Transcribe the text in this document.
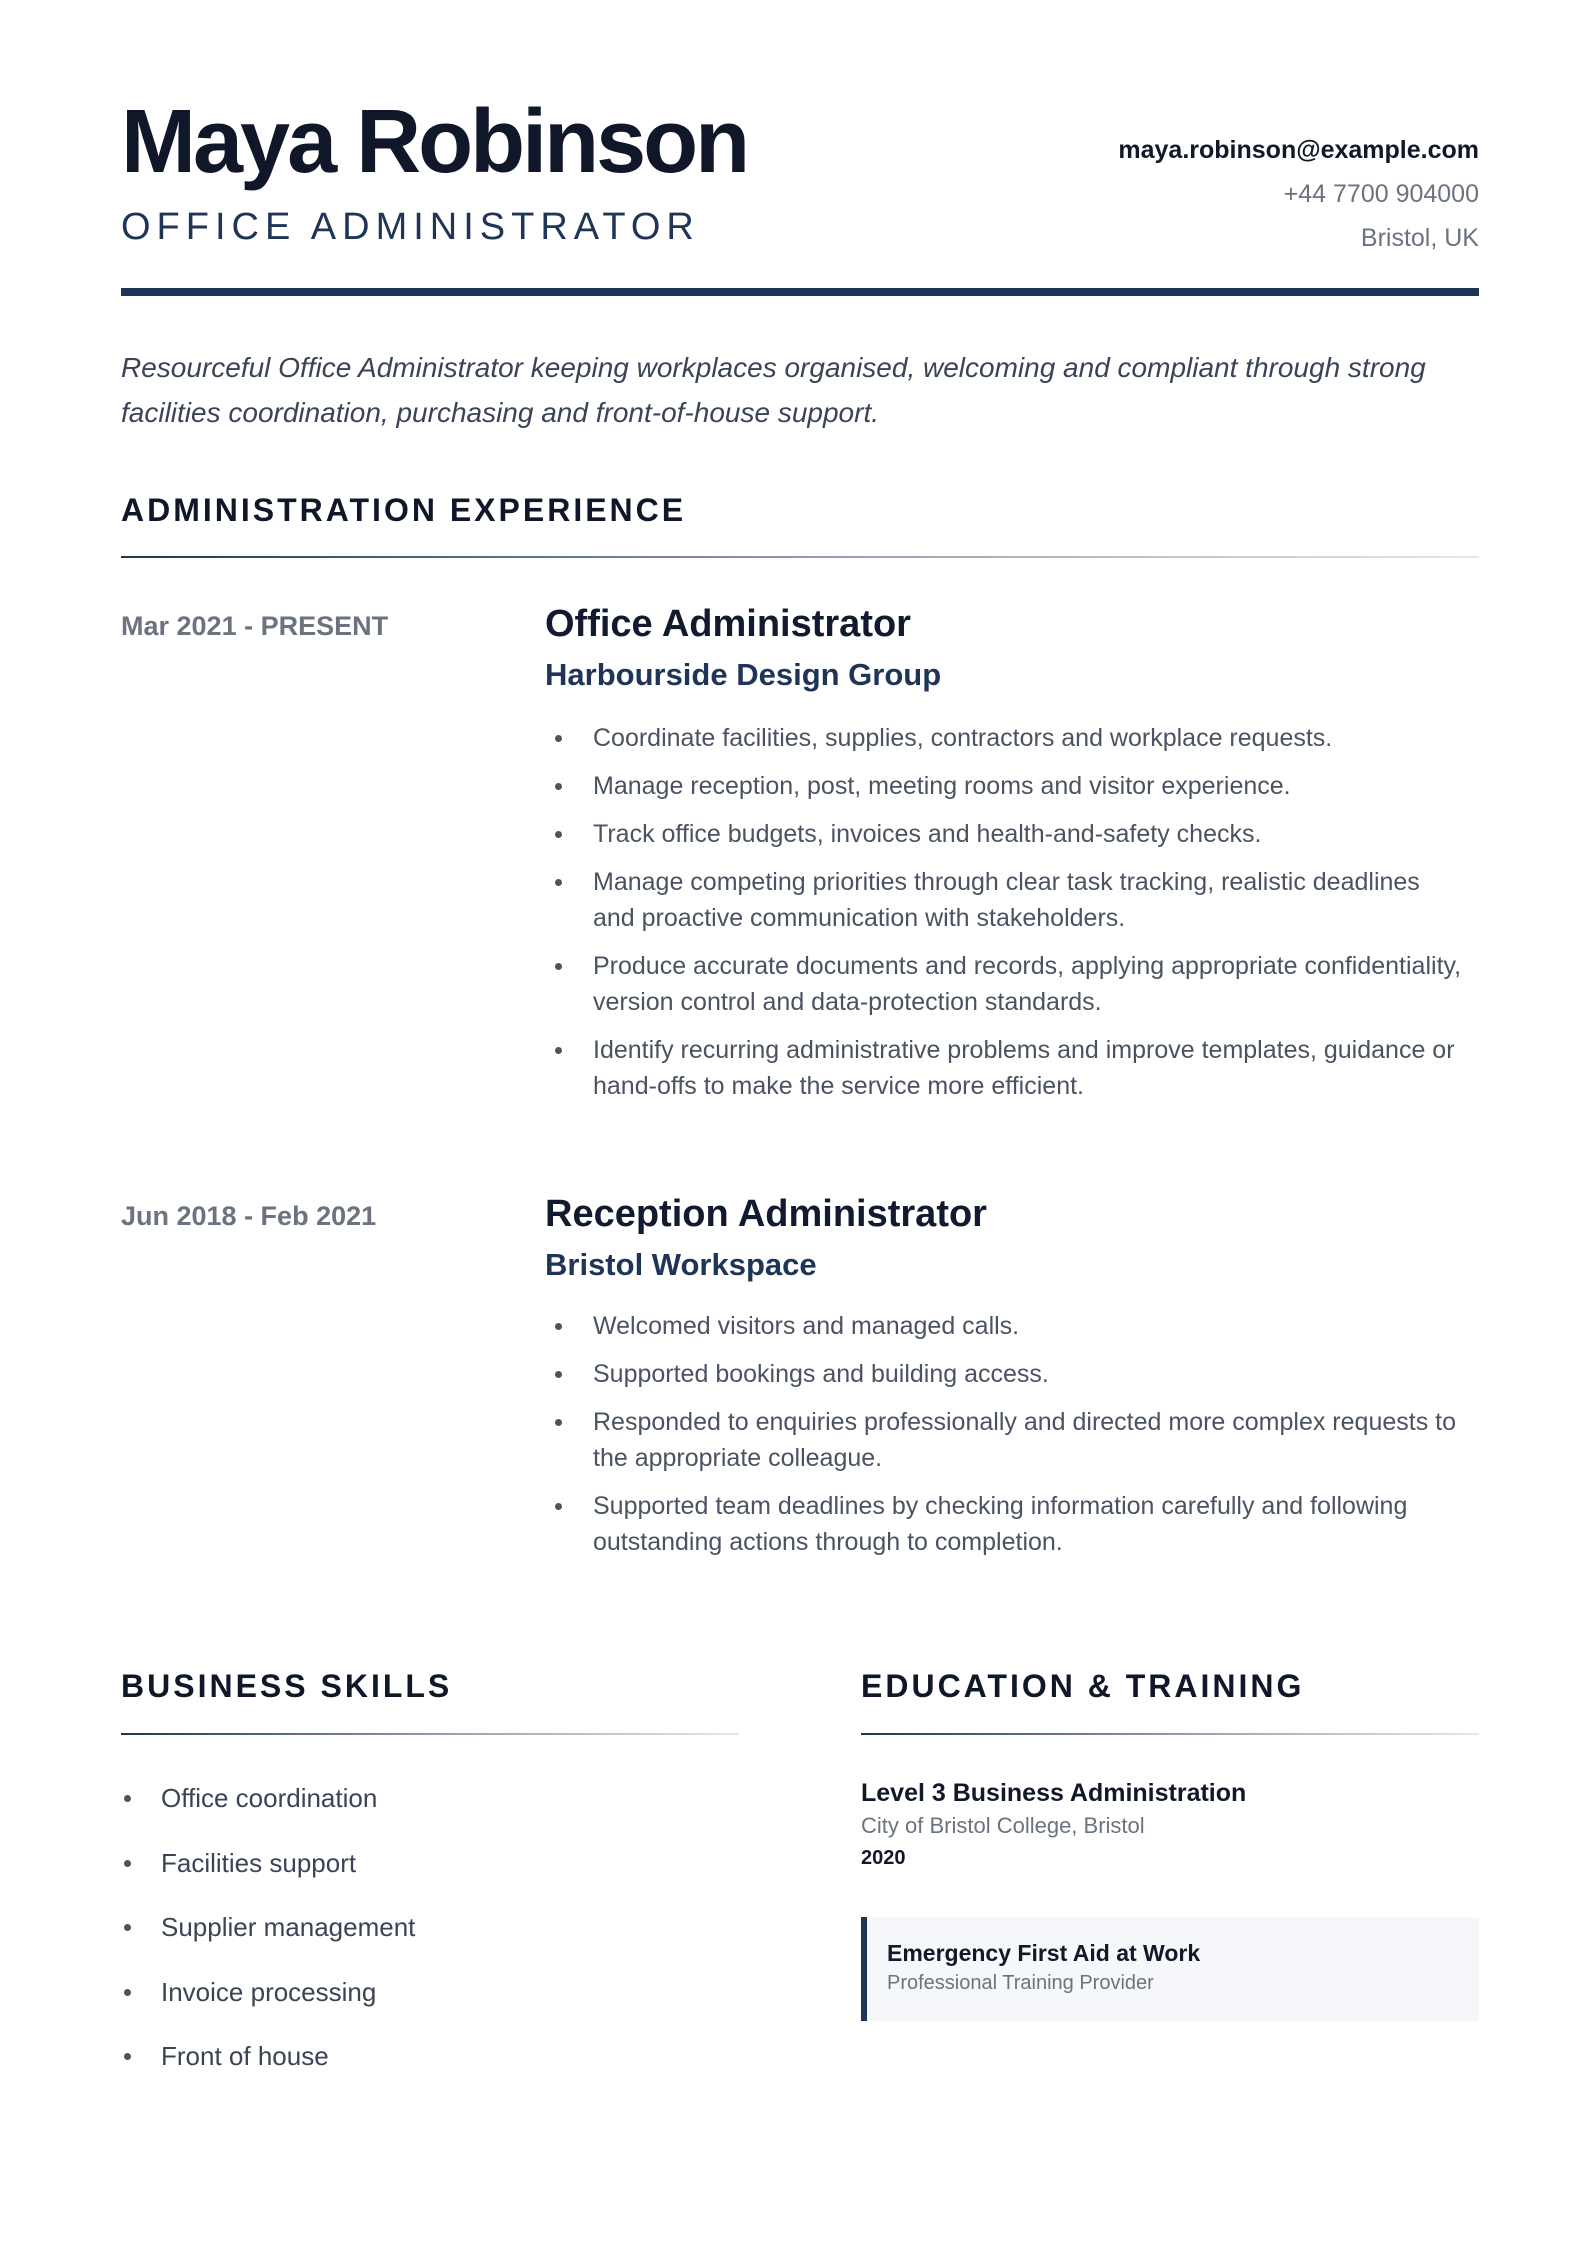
Maya Robinson
OFFICE ADMINISTRATOR
maya.robinson@example.com
+44 7700 904000
Bristol, UK

Resourceful Office Administrator keeping workplaces organised, welcoming and compliant through strong facilities coordination, purchasing and front-of-house support.

ADMINISTRATION EXPERIENCE
Mar 2021 - PRESENT	Office Administrator
Harbourside Design Group
Coordinate facilities, supplies, contractors and workplace requests.
Manage reception, post, meeting rooms and visitor experience.
Track office budgets, invoices and health-and-safety checks.
Manage competing priorities through clear task tracking, realistic deadlines and proactive communication with stakeholders.
Produce accurate documents and records, applying appropriate confidentiality, version control and data-protection standards.
Identify recurring administrative problems and improve templates, guidance or hand-offs to make the service more efficient.
Jun 2018 - Feb 2021	Reception Administrator
Bristol Workspace
Welcomed visitors and managed calls.
Supported bookings and building access.
Responded to enquiries professionally and directed more complex requests to the appropriate colleague.
Supported team deadlines by checking information carefully and following outstanding actions through to completion.
BUSINESS SKILLS
Office coordination
Facilities support
Supplier management
Invoice processing
Front of house
EDUCATION & TRAINING
Level 3 Business Administration
City of Bristol College, Bristol
2020
Emergency First Aid at Work
Professional Training Provider
